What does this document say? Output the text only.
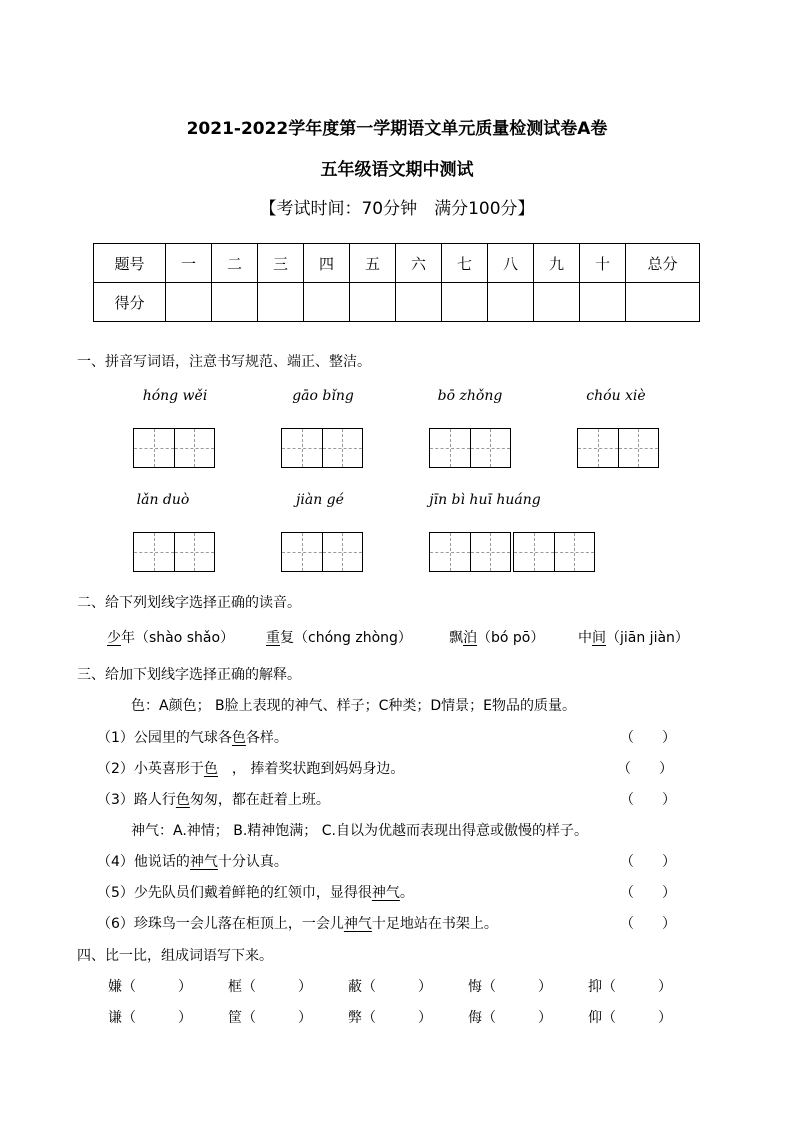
2021-2022学年度第一学期语文单元质量检测试卷A卷
五年级语文期中测试
【考试时间：70分钟　满分100分】
题号	一	二	三	四	五	六	七	八	九	十	总分
得分											
一、拼音写词语，注意书写规范、端正、整洁。
hóng wěi	gāo bǐng	bō zhǒng	chóu xiè
lǎn duò	jiàn gé	jīn bì huī huáng
二、给下列划线字选择正确的读音。
少年（shào shǎo） 重复（chóng zhòng）	飘泊（bó pō） 中间（jiān jiàn）
三、给加下划线字选择正确的解释。
色：A颜色； B脸上表现的神气、样子；C种类；D情景；E物品的质量。
（1）公园里的气球各色各样。	（　　）
（2）小英喜形于色　， 捧着奖状跑到妈妈身边。	（　　）
（3）路人行色匆匆，都在赶着上班。	（　　）
神气：A.神情； B.精神饱满； C.自以为优越而表现出得意或傲慢的样子。
（4）他说话的神气十分认真。	（　　）
（5）少先队员们戴着鲜艳的红领巾，显得很神气。	（　　）
（6）珍珠鸟一会儿落在柜顶上，一会儿神气十足地站在书架上。	（　　）
四、比一比，组成词语写下来。
嫌（　　　）	框（　　　）	蔽（　　　）	悔（　　　）	抑（　　　）
谦（　　　）	筐（　　　）	弊（　　　）	侮（　　　）	仰（　　　）
